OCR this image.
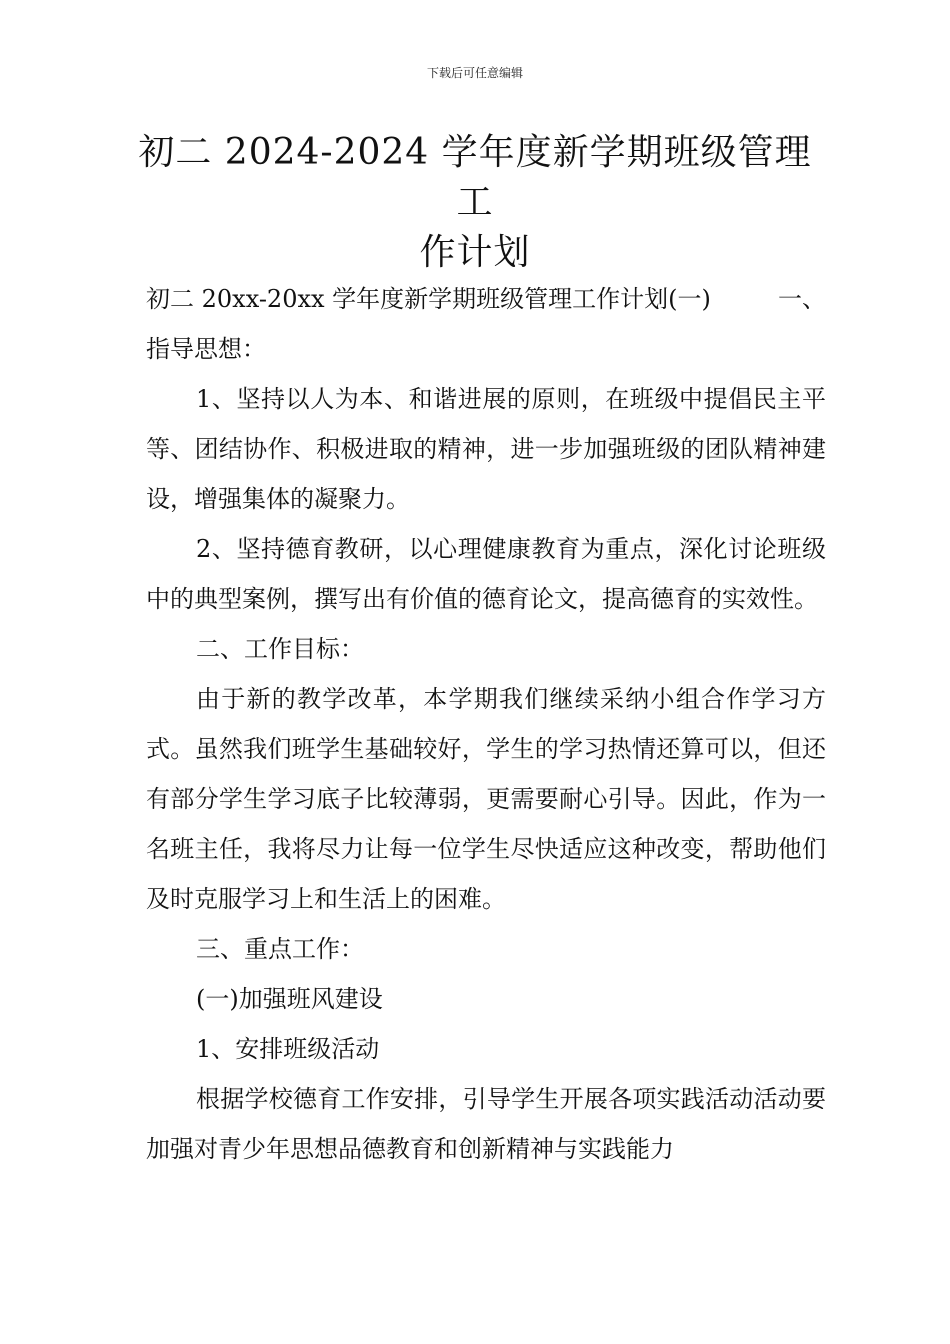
下载后可任意编辑
初二 2024-2024 学年度新学期班级管理工
作计划
初二 20xx-20xx 学年度新学期班级管理工作计划(一)	一、

指导思想：

1、坚持以人为本、和谐进展的原则，在班级中提倡民主平等、团结协作、积极进取的精神，进一步加强班级的团队精神建设，增强集体的凝聚力。

2、坚持德育教研，以心理健康教育为重点，深化讨论班级中的典型案例，撰写出有价值的德育论文，提高德育的实效性。

二、工作目标：

由于新的教学改革，本学期我们继续采纳小组合作学习方式。虽然我们班学生基础较好，学生的学习热情还算可以，但还有部分学生学习底子比较薄弱，更需要耐心引导。因此，作为一名班主任，我将尽力让每一位学生尽快适应这种改变，帮助他们及时克服学习上和生活上的困难。

三、重点工作：

(一)加强班风建设

1、安排班级活动

根据学校德育工作安排，引导学生开展各项实践活动活动要加强对青少年思想品德教育和创新精神与实践能力
